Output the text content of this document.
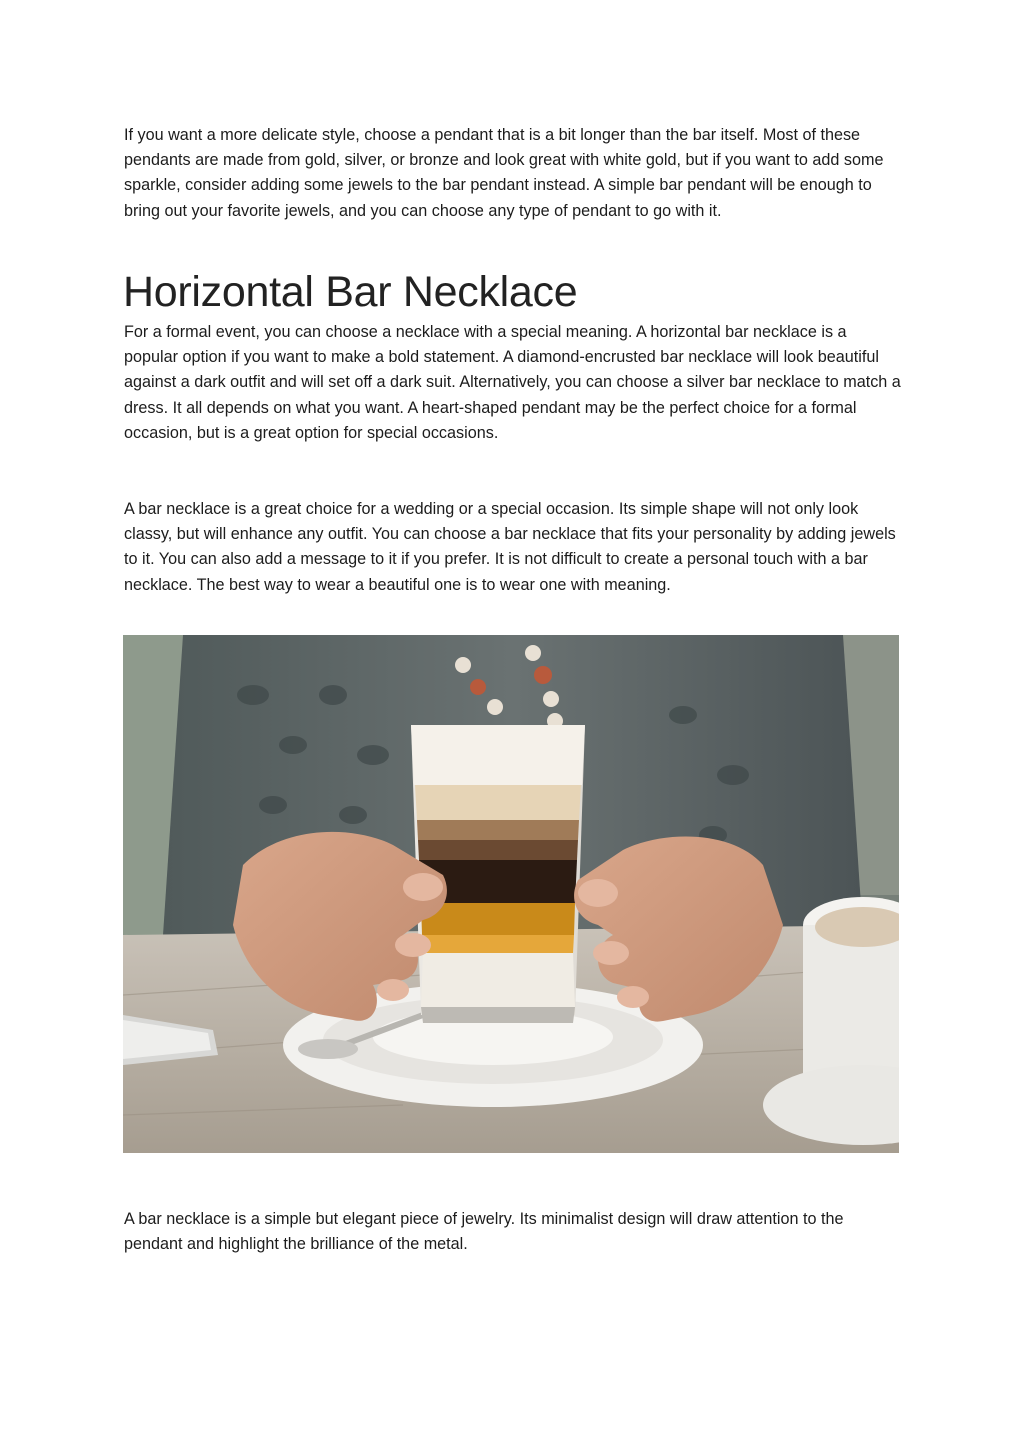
If you want a more delicate style, choose a pendant that is a bit longer than the bar itself. Most of these pendants are made from gold, silver, or bronze and look great with white gold, but if you want to add some sparkle, consider adding some jewels to the bar pendant instead. A simple bar pendant will be enough to bring out your favorite jewels, and you can choose any type of pendant to go with it.

Horizontal Bar Necklace

For a formal event, you can choose a necklace with a special meaning. A horizontal bar necklace is a popular option if you want to make a bold statement. A diamond-encrusted bar necklace will look beautiful against a dark outfit and will set off a dark suit. Alternatively, you can choose a silver bar necklace to match a dress. It all depends on what you want. A heart-shaped pendant may be the perfect choice for a formal occasion, but is a great option for special occasions.

A bar necklace is a great choice for a wedding or a special occasion. Its simple shape will not only look classy, but will enhance any outfit. You can choose a bar necklace that fits your personality by adding jewels to it. You can also add a message to it if you prefer. It is not difficult to create a personal touch with a bar necklace. The best way to wear a beautiful one is to wear one with meaning.

A bar necklace is a simple but elegant piece of jewelry. Its minimalist design will draw attention to the pendant and highlight the brilliance of the metal.
